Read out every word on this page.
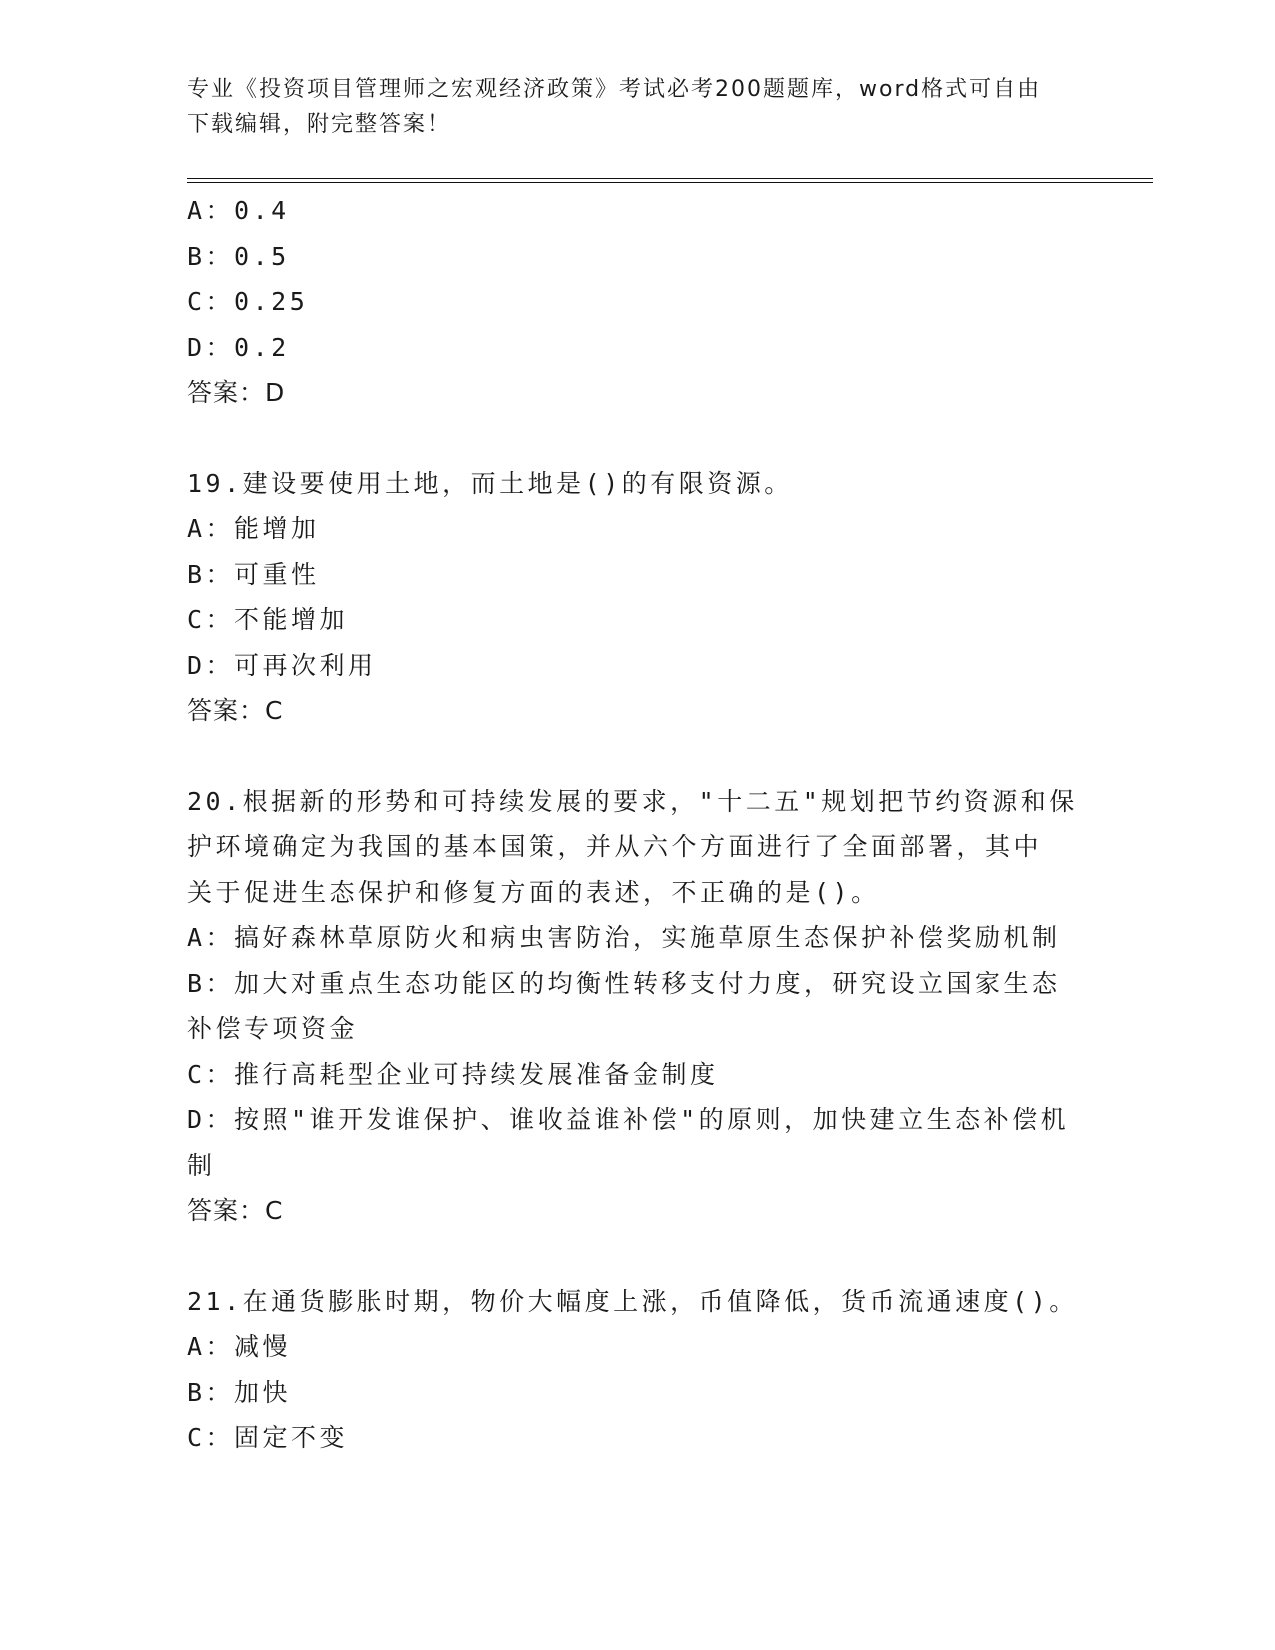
专业《投资项目管理师之宏观经济政策》考试必考200题题库，word格式可自由
下载编辑，附完整答案！
A：0.4
B：0.5
C：0.25
D：0.2
答案：D
19.建设要使用土地，而土地是()的有限资源。
A：能增加
B：可重性
C：不能增加
D：可再次利用
答案：C
20.根据新的形势和可持续发展的要求，"十二五"规划把节约资源和保
护环境确定为我国的基本国策，并从六个方面进行了全面部署，其中
关于促进生态保护和修复方面的表述，不正确的是()。
A：搞好森林草原防火和病虫害防治，实施草原生态保护补偿奖励机制
B：加大对重点生态功能区的均衡性转移支付力度，研究设立国家生态
补偿专项资金
C：推行高耗型企业可持续发展准备金制度
D：按照"谁开发谁保护、谁收益谁补偿"的原则，加快建立生态补偿机
制
答案：C
21.在通货膨胀时期，物价大幅度上涨，币值降低，货币流通速度()。
A：减慢
B：加快
C：固定不变
